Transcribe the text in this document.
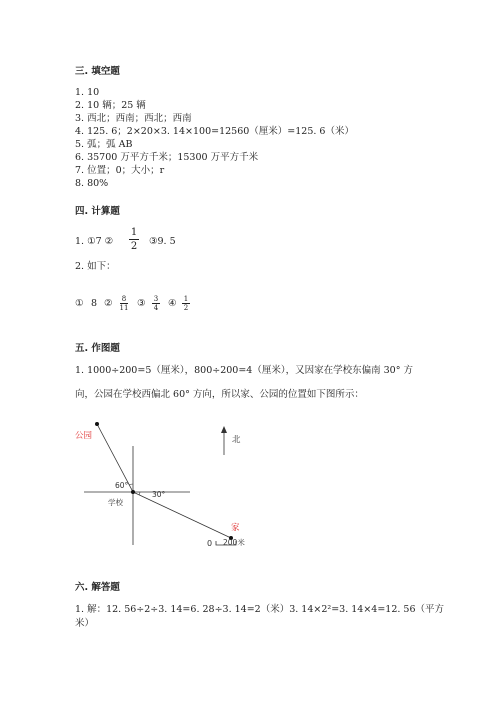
三. 填空题
1. 10
2. 10 辆；25 辆
3. 西北；西南；西北；西南
4. 125. 6；2×20×3. 14×100=12560（厘米）=125. 6（米）
5. 弧；弧 AB
6. 35700 万平方千米；15300 万平方千米
7. 位置；0；大小；r
8. 80%
四. 计算题
1. ①7 ②
1
2 ③9. 5
2. 如下：
① 8 ②	8
11 ③	3
4	④	1
2
五. 作图题
1. 1000÷200=5（厘米），800÷200=4（厘米），又因家在学校东偏南 30° 方
向，公园在学校西偏北 60° 方向，所以家、公园的位置如下图所示：
公园	北
60°
30°
学校
家
0 200米
六. 解答题
1. 解：12. 56÷2÷3. 14=6. 28÷3. 14=2（米）3. 14×2²=3. 14×4=12. 56（平方
米）
